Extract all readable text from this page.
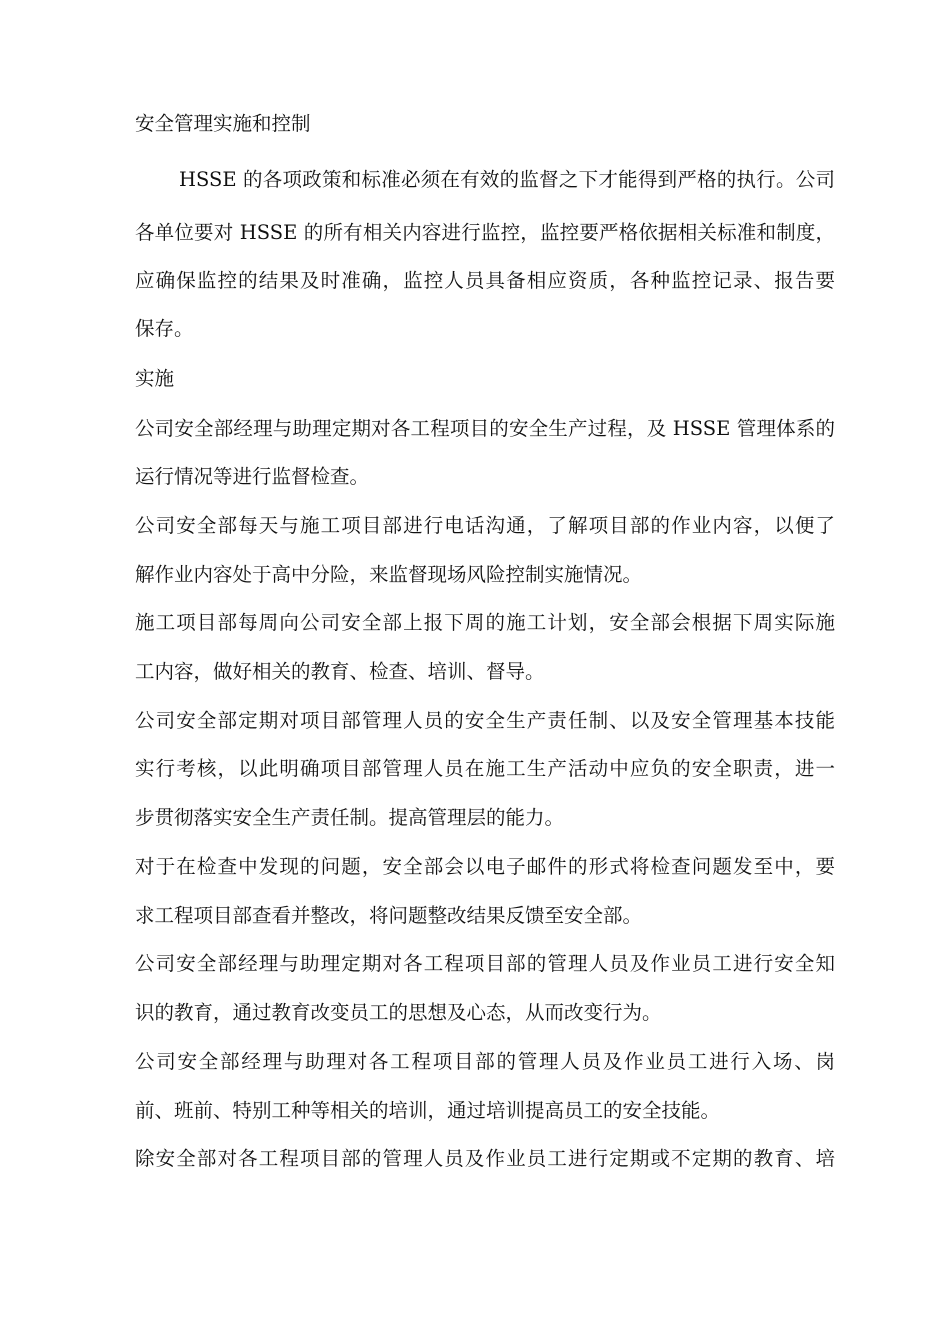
安全管理实施和控制
HSSE 的各项政策和标准必须在有效的监督之下才能得到严格的执行。公司
各单位要对 HSSE 的所有相关内容进行监控，监控要严格依据相关标准和制度，
应确保监控的结果及时准确，监控人员具备相应资质，各种监控记录、报告要
保存。
实施
公司安全部经理与助理定期对各工程项目的安全生产过程，及 HSSE 管理体系的
运行情况等进行监督检查。
公司安全部每天与施工项目部进行电话沟通，了解项目部的作业内容，以便了
解作业内容处于高中分险，来监督现场风险控制实施情况。
施工项目部每周向公司安全部上报下周的施工计划，安全部会根据下周实际施
工内容，做好相关的教育、检查、培训、督导。
公司安全部定期对项目部管理人员的安全生产责任制、以及安全管理基本技能
实行考核，以此明确项目部管理人员在施工生产活动中应负的安全职责，进一
步贯彻落实安全生产责任制。提高管理层的能力。
对于在检查中发现的问题，安全部会以电子邮件的形式将检查问题发至中，要
求工程项目部查看并整改，将问题整改结果反馈至安全部。
公司安全部经理与助理定期对各工程项目部的管理人员及作业员工进行安全知
识的教育，通过教育改变员工的思想及心态，从而改变行为。
公司安全部经理与助理对各工程项目部的管理人员及作业员工进行入场、岗
前、班前、特别工种等相关的培训，通过培训提高员工的安全技能。
除安全部对各工程项目部的管理人员及作业员工进行定期或不定期的教育、培
